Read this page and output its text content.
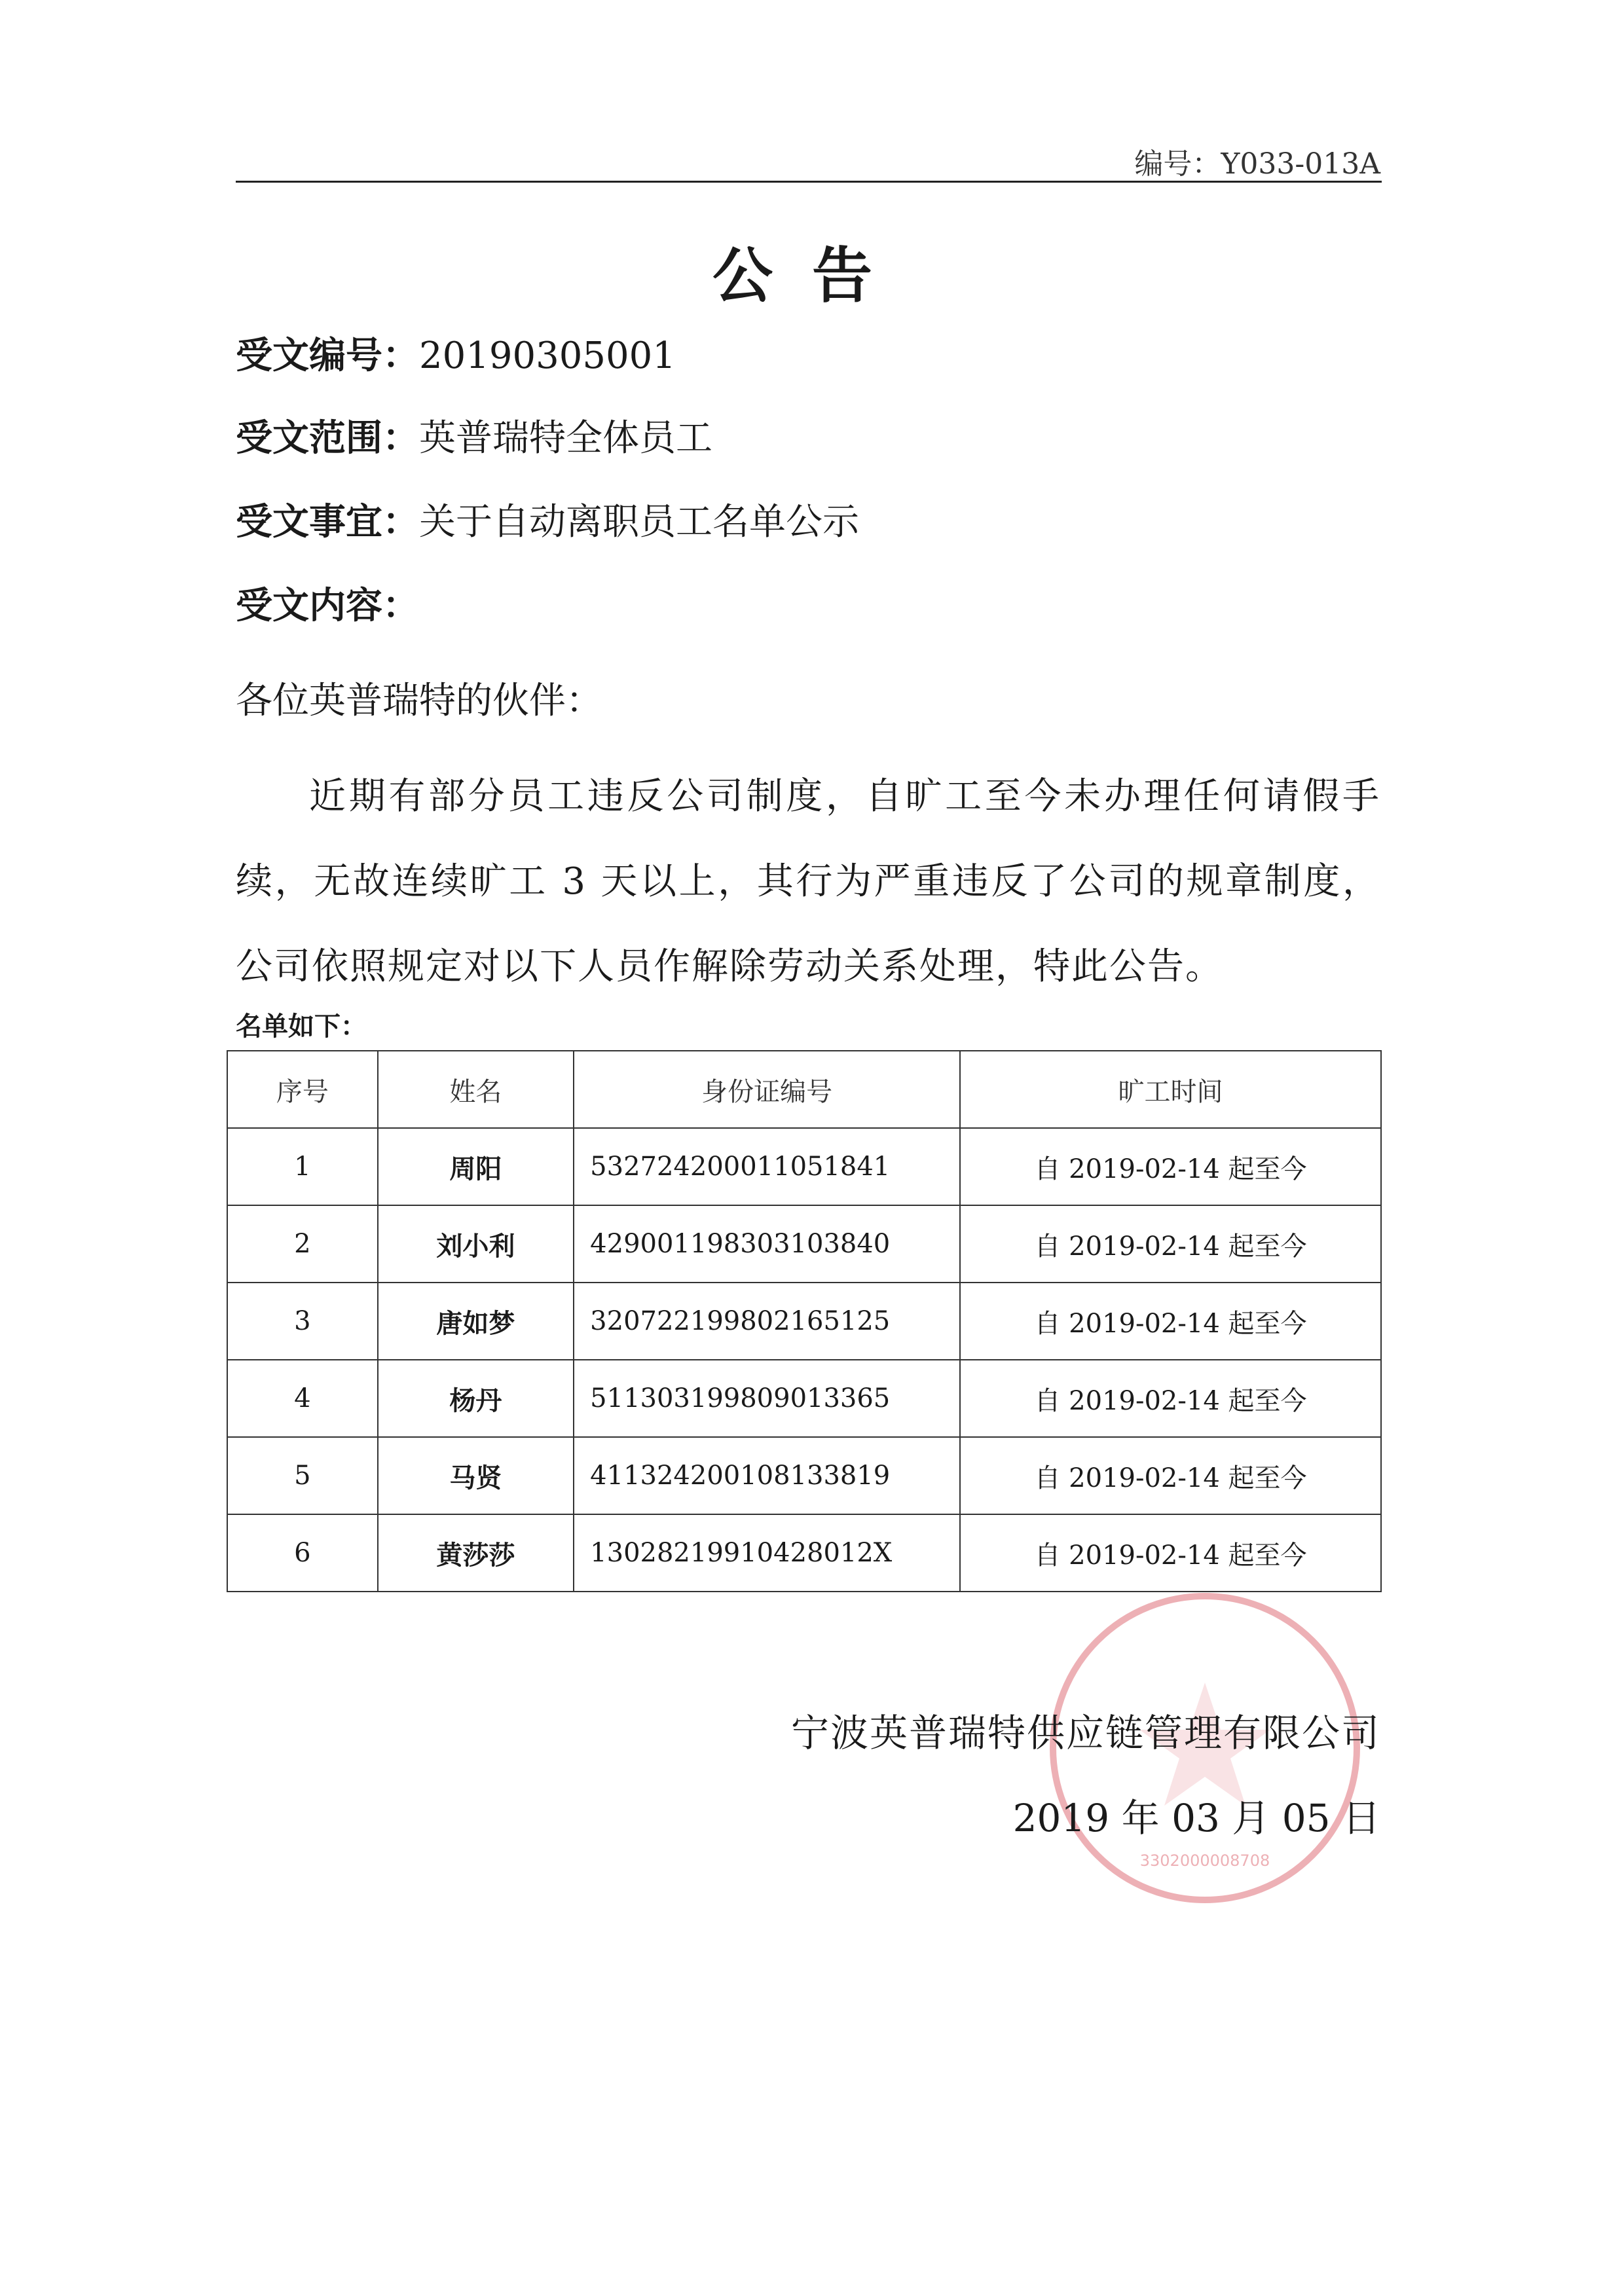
编号：Y033-013A
公告
受文编号：20190305001
受文范围：英普瑞特全体员工
受文事宜：关于自动离职员工名单公示
受文内容：
各位英普瑞特的伙伴：
近期有部分员工违反公司制度，自旷工至今未办理任何请假手续，无故连续旷工 3 天以上，其行为严重违反了公司的规章制度，公司依照规定对以下人员作解除劳动关系处理，特此公告。
名单如下：
序号	姓名	身份证编号	旷工时间
1	周阳	532724200011051841	自 2019-02-14 起至今
2	刘小利	429001198303103840	自 2019-02-14 起至今
3	唐如梦	320722199802165125	自 2019-02-14 起至今
4	杨丹	511303199809013365	自 2019-02-14 起至今
5	马贤	411324200108133819	自 2019-02-14 起至今
6	黄莎莎	13028219910428012X	自 2019-02-14 起至今
3302000008708
宁波英普瑞特供应链管理有限公司
2019 年 03 月 05 日
